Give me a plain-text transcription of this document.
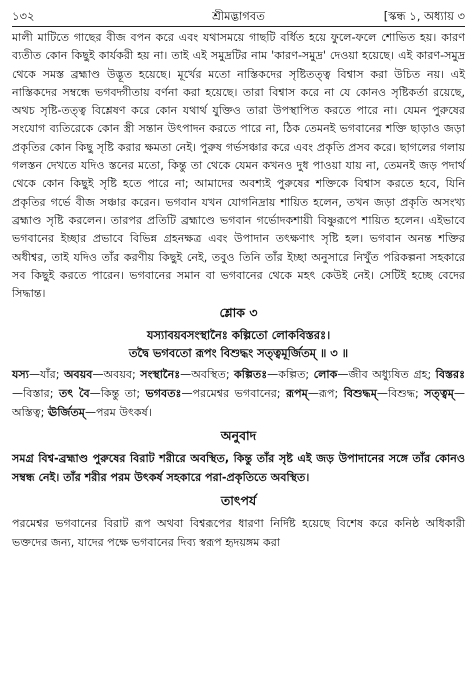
১৩২	শ্রীমদ্ভাগবত	[স্কন্ধ ১, অধ্যায় ৩

মালী মাটিতে গাছের বীজ বপন করে এবং যথাসময়ে গাছটি বর্ধিত হয়ে ফুলে-ফলে শোভিত হয়। কারণ ব্যতীত কোন কিছুই কার্যকরী হয় না। তাই এই সমুদ্রটির নাম 'কারণ-সমুদ্র' দেওয়া হয়েছে। এই কারণ-সমুদ্র থেকে সমস্ত ব্রহ্মাণ্ড উদ্ভূত হয়েছে। মূর্খের মতো নাস্তিকদের সৃষ্টিতত্ত্ব বিশ্বাস করা উচিত নয়। এই নাস্তিকদের সম্বন্ধে ভগবদ্গীতায় বর্ণনা করা হয়েছে। তারা বিশ্বাস করে না যে কোনও সৃষ্টিকর্তা রয়েছে, অথচ সৃষ্টি-তত্ত্ব বিশ্লেষণ করে কোন যথার্থ যুক্তিও তারা উপস্থাপিত করতে পারে না। যেমন পুরুষের সংযোগ ব্যতিরেকে কোন স্ত্রী সন্তান উৎপাদন করতে পারে না, ঠিক তেমনই ভগবানের শক্তি ছাড়াও জড়া প্রকৃতির কোন কিছু সৃষ্টি করার ক্ষমতা নেই। পুরুষ গর্ভসঞ্চার করে এবং প্রকৃতি প্রসব করে। ছাগলের গলায় গলস্তন দেখতে যদিও স্তনের মতো, কিন্তু তা থেকে যেমন কখনও দুধ পাওয়া যায় না, তেমনই জড় পদার্থ থেকে কোন কিছুই সৃষ্টি হতে পারে না; আমাদের অবশ্যই পুরুষের শক্তিকে বিশ্বাস করতে হবে, যিনি প্রকৃতির গর্ভে বীজ সঞ্চার করেন। ভগবান যখন যোগনিদ্রায় শায়িত হলেন, তখন জড়া প্রকৃতি অসংখ্য ব্রহ্মাণ্ড সৃষ্টি করলেন। তারপর প্রতিটি ব্রহ্মাণ্ডে ভগবান গর্ভোদকশায়ী বিষ্ণুরূপে শায়িত হলেন। এইভাবে ভগবানের ইচ্ছার প্রভাবে বিভিন্ন গ্রহনক্ষত্র এবং উপাদান তৎক্ষণাৎ সৃষ্টি হল। ভগবান অনন্ত শক্তির অধীশ্বর, তাই যদিও তাঁর করণীয় কিছুই নেই, তবুও তিনি তাঁর ইচ্ছা অনুসারে নিখুঁত পরিকল্পনা সহকারে সব কিছুই করতে পারেন। ভগবানের সমান বা ভগবানের থেকে মহৎ কেউই নেই। সেটিই হচ্ছে বেদের সিদ্ধান্ত।

শ্লোক ৩

যস্যাবয়বসংস্থানৈঃ কল্পিতো লোকবিস্তরঃ।

তদ্বৈ ভগবতো রূপং বিশুদ্ধং সত্ত্বমূর্জিতম্ ॥ ৩ ॥

যস্য—যাঁর; অবয়ব—অবয়ব; সংস্থানৈঃ—অবস্থিত; কল্পিতঃ—কল্পিত; লোক—জীব অধ্যুষিত গ্রহ; বিস্তরঃ—বিস্তার; তৎ বৈ—কিন্তু তা; ভগবতঃ—পরমেশ্বর ভগবানের; রূপম্—রূপ; বিশুদ্ধম্—বিশুদ্ধ; সত্ত্বম্—অস্তিত্ব; ঊর্জিতম্—পরম উৎকর্ষ।

অনুবাদ

সমগ্র বিশ্ব-ব্রহ্মাণ্ড পুরুষের বিরাট শরীরে অবস্থিত, কিন্তু তাঁর সৃষ্ট এই জড় উপাদানের সঙ্গে তাঁর কোনও সম্বন্ধ নেই। তাঁর শরীর পরম উৎকর্ষ সহকারে পরা-প্রকৃতিতে অবস্থিত।

তাৎপর্য

পরমেশ্বর ভগবানের বিরাট রূপ অথবা বিশ্বরূপের ধারণা নির্দিষ্ট হয়েছে বিশেষ করে কনিষ্ঠ অধিকারী ভক্তদের জন্য, যাদের পক্ষে ভগবানের দিব্য স্বরূপ হৃদয়ঙ্গম করা
